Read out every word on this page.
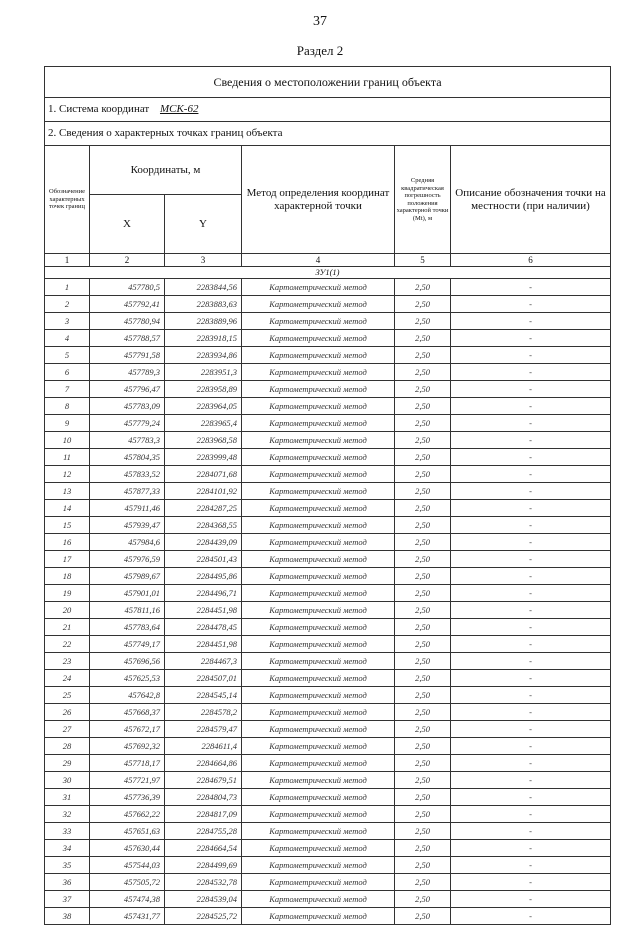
37
Раздел 2
Сведения о местоположении границ объекта					
1. Система координат МСК-62					
2. Сведения о характерных точках границ объекта					
Обозначение характерных точек границ	Координаты, м		Метод определения координат характерной точки	Средняя квадратическая погрешность положения характерной точки (Mt), м	Описание обозначения точки на местности (при наличии)
	X	Y			
1	2	3	4	5	6
ЗУ1(1)					
1	457780,5	2283844,56	Картометрический метод	2,50	-
2	457792,41	2283883,63	Картометрический метод	2,50	-
3	457780,94	2283889,96	Картометрический метод	2,50	-
4	457788,57	2283918,15	Картометрический метод	2,50	-
5	457791,58	2283934,86	Картометрический метод	2,50	-
6	457789,3	2283951,3	Картометрический метод	2,50	-
7	457796,47	2283958,89	Картометрический метод	2,50	-
8	457783,09	2283964,05	Картометрический метод	2,50	-
9	457779,24	2283965,4	Картометрический метод	2,50	-
10	457783,3	2283968,58	Картометрический метод	2,50	-
11	457804,35	2283999,48	Картометрический метод	2,50	-
12	457833,52	2284071,68	Картометрический метод	2,50	-
13	457877,33	2284101,92	Картометрический метод	2,50	-
14	457911,46	2284287,25	Картометрический метод	2,50	-
15	457939,47	2284368,55	Картометрический метод	2,50	-
16	457984,6	2284439,09	Картометрический метод	2,50	-
17	457976,59	2284501,43	Картометрический метод	2,50	-
18	457989,67	2284495,86	Картометрический метод	2,50	-
19	457901,01	2284496,71	Картометрический метод	2,50	-
20	457811,16	2284451,98	Картометрический метод	2,50	-
21	457783,64	2284478,45	Картометрический метод	2,50	-
22	457749,17	2284451,98	Картометрический метод	2,50	-
23	457696,56	2284467,3	Картометрический метод	2,50	-
24	457625,53	2284507,01	Картометрический метод	2,50	-
25	457642,8	2284545,14	Картометрический метод	2,50	-
26	457668,37	2284578,2	Картометрический метод	2,50	-
27	457672,17	2284579,47	Картометрический метод	2,50	-
28	457692,32	2284611,4	Картометрический метод	2,50	-
29	457718,17	2284664,86	Картометрический метод	2,50	-
30	457721,97	2284679,51	Картометрический метод	2,50	-
31	457736,39	2284804,73	Картометрический метод	2,50	-
32	457662,22	2284817,09	Картометрический метод	2,50	-
33	457651,63	2284755,28	Картометрический метод	2,50	-
34	457630,44	2284664,54	Картометрический метод	2,50	-
35	457544,03	2284499,69	Картометрический метод	2,50	-
36	457505,72	2284532,78	Картометрический метод	2,50	-
37	457474,38	2284539,04	Картометрический метод	2,50	-
38	457431,77	2284525,72	Картометрический метод	2,50	-
